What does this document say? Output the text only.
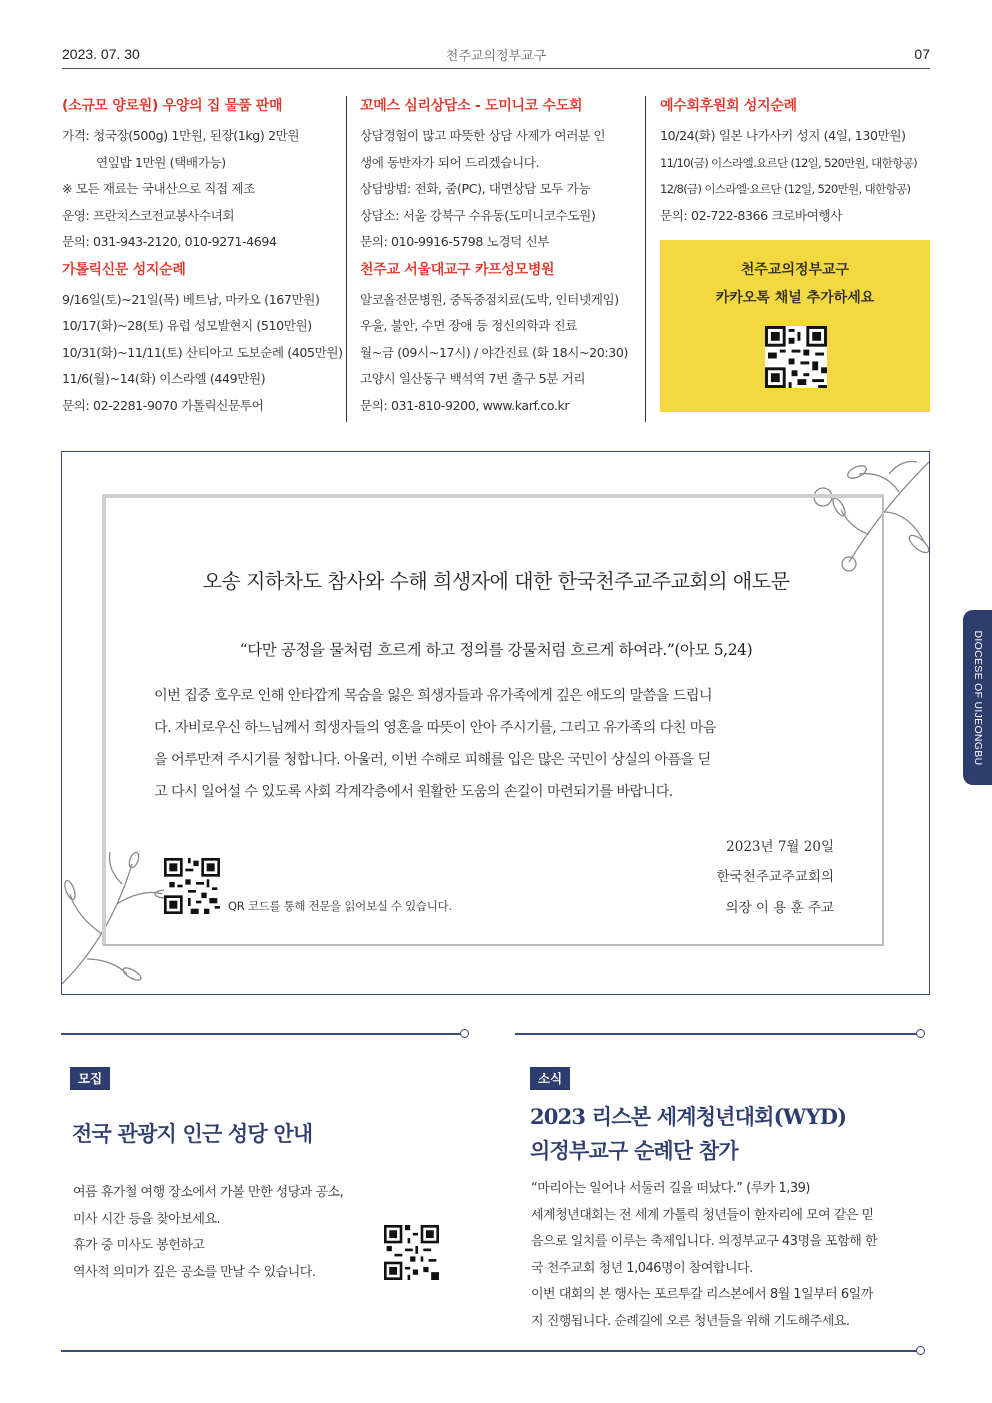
2023. 07. 30	천주교의정부교구	07
(소규모 양로원) 우양의 집 물품 판매
가격: 청국장(500g) 1만원, 된장(1kg) 2만원
연잎밥 1만원 (택배가능)
※ 모든 재료는 국내산으로 직접 제조
운영: 프란치스코전교봉사수녀회
문의: 031-943-2120, 010-9271-4694
가톨릭신문 성지순례
9/16일(토)~21일(목) 베트남, 마카오 (167만원)
10/17(화)~28(토) 유럽 성모발현지 (510만원)
10/31(화)~11/11(토) 산티아고 도보순례 (405만원)
11/6(월)~14(화) 이스라엘 (449만원)
문의: 02-2281-9070 가톨릭신문투어
꼬메스 심리상담소 - 도미니코 수도회
상담경험이 많고 따뜻한 상담 사제가 여러분 인
생에 동반자가 되어 드리겠습니다.
상담방법: 전화, 줌(PC), 대면상담 모두 가능
상담소: 서울 강북구 수유동(도미니코수도원)
문의: 010-9916-5798 노경덕 신부
천주교 서울대교구 카프성모병원
알코올전문병원, 중독중점치료(도박, 인터넷게임)
우울, 불안, 수면 장애 등 정신의학과 진료
월~금 (09시~17시) / 야간진료 (화 18시~20:30)
고양시 일산동구 백석역 7번 출구 5분 거리
문의: 031-810-9200, www.karf.co.kr
예수회후원회 성지순례
10/24(화) 일본 나가사키 성지 (4일, 130만원)
11/10(금) 이스라엘.요르단 (12일, 520만원, 대한항공)
12/8(금) 이스라엘·요르단 (12일, 520만원, 대한항공)
문의: 02-722-8366 크로바여행사
천주교의정부교구
카카오톡 채널 추가하세요
오송 지하차도 참사와 수해 희생자에 대한 한국천주교주교회의 애도문
“다만 공정을 물처럼 흐르게 하고 정의를 강물처럼 흐르게 하여라.”(아모 5,24)
이번 집중 호우로 인해 안타깝게 목숨을 잃은 희생자들과 유가족에게 깊은 애도의 말씀을 드립니
다. 자비로우신 하느님께서 희생자들의 영혼을 따뜻이 안아 주시기를, 그리고 유가족의 다친 마음
을 어루만져 주시기를 청합니다. 아울러, 이번 수해로 피해를 입은 많은 국민이 상실의 아픔을 딛
고 다시 일어설 수 있도록 사회 각계각층에서 원활한 도움의 손길이 마련되기를 바랍니다.
2023년 7월 20일
한국천주교주교회의
의장 이 용 훈 주교
QR 코드를 통해 전문을 읽어보실 수 있습니다.
모집
전국 관광지 인근 성당 안내
여름 휴가철 여행 장소에서 가볼 만한 성당과 공소,
미사 시간 등을 찾아보세요.
휴가 중 미사도 봉헌하고
역사적 의미가 깊은 공소를 만날 수 있습니다.
소식
2023 리스본 세계청년대회(WYD)
의정부교구 순례단 참가
“마리아는 일어나 서둘러 길을 떠났다.” (루카 1,39)
세계청년대회는 전 세계 가톨릭 청년들이 한자리에 모여 같은 믿
음으로 일치를 이루는 축제입니다. 의정부교구 43명을 포함해 한
국 천주교회 청년 1,046명이 참여합니다.
이번 대회의 본 행사는 포르투갈 리스본에서 8월 1일부터 6일까
지 진행됩니다. 순례길에 오른 청년들을 위해 기도해주세요.
DIOCESE OF UIJEONGBU
